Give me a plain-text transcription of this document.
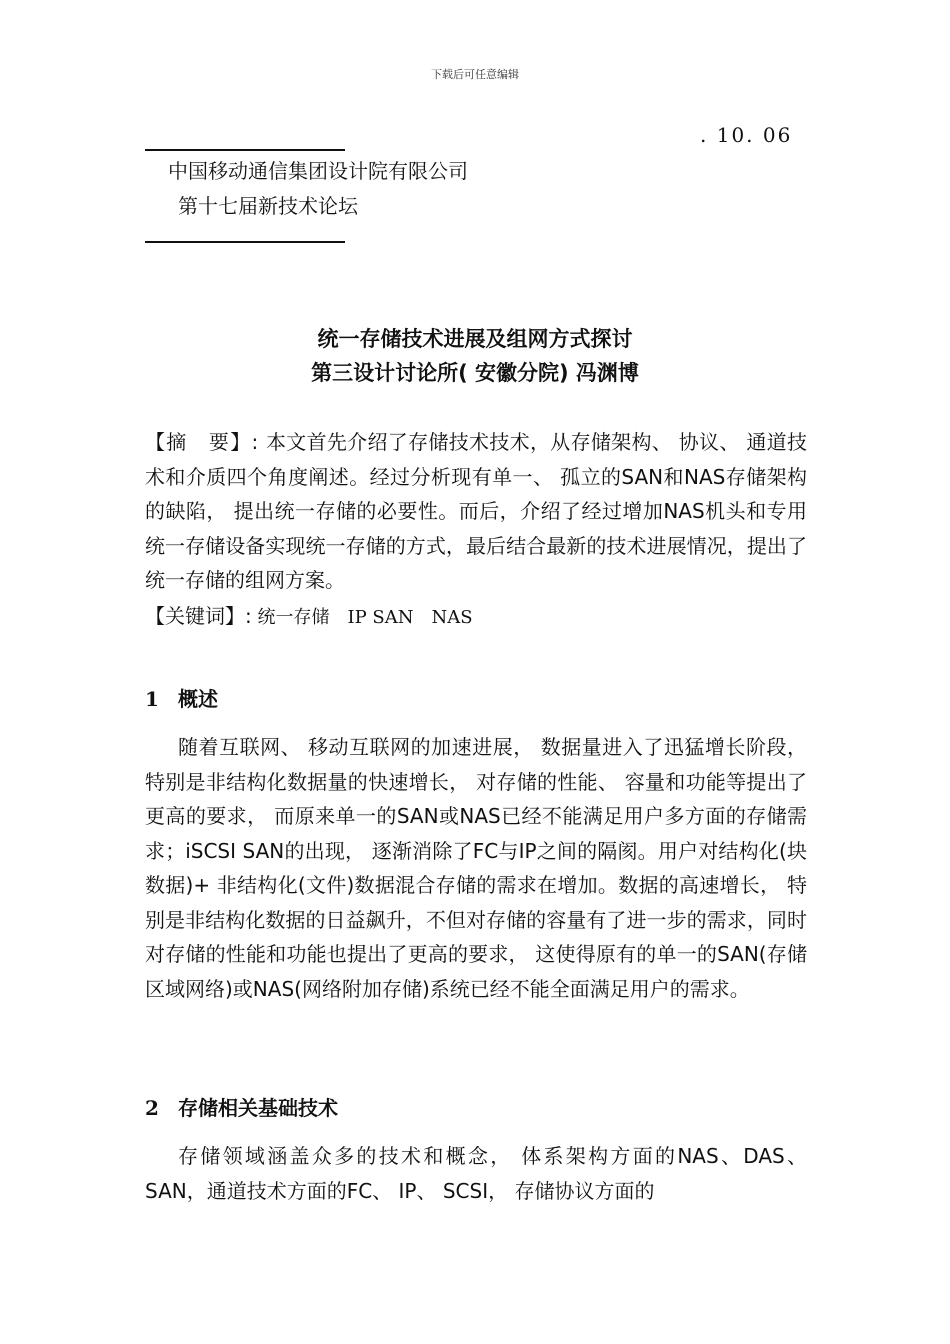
下载后可任意编辑
. 10. 06
中国移动通信集团设计院有限公司
第十七届新技术论坛
统一存储技术进展及组网方式探讨
第三设计讨论所( 安徽分院) 冯渊博
【摘　要】: 本文首先介绍了存储技术技术，从存储架构、 协议、 通道技术和介质四个角度阐述。经过分析现有单一、 孤立的SAN和NAS存储架构的缺陷， 提出统一存储的必要性。而后，介绍了经过增加NAS机头和专用统一存储设备实现统一存储的方式，最后结合最新的技术进展情况，提出了统一存储的组网方案。
【关键词】: 统一存储　IP SAN　NAS
1 概述
随着互联网、 移动互联网的加速进展， 数据量进入了迅猛增长阶段，特别是非结构化数据量的快速增长， 对存储的性能、 容量和功能等提出了更高的要求， 而原来单一的SAN或NAS已经不能满足用户多方面的存储需求；iSCSI SAN的出现， 逐渐消除了FC与IP之间的隔阂。用户对结构化(块数据)+ 非结构化(文件)数据混合存储的需求在增加。数据的高速增长， 特别是非结构化数据的日益飙升，不但对存储的容量有了进一步的需求，同时对存储的性能和功能也提出了更高的要求， 这使得原有的单一的SAN(存储区域网络)或NAS(网络附加存储)系统已经不能全面满足用户的需求。
2 存储相关基础技术
存储领域涵盖众多的技术和概念， 体系架构方面的NAS、DAS、 SAN，通道技术方面的FC、 IP、 SCSI， 存储协议方面的
